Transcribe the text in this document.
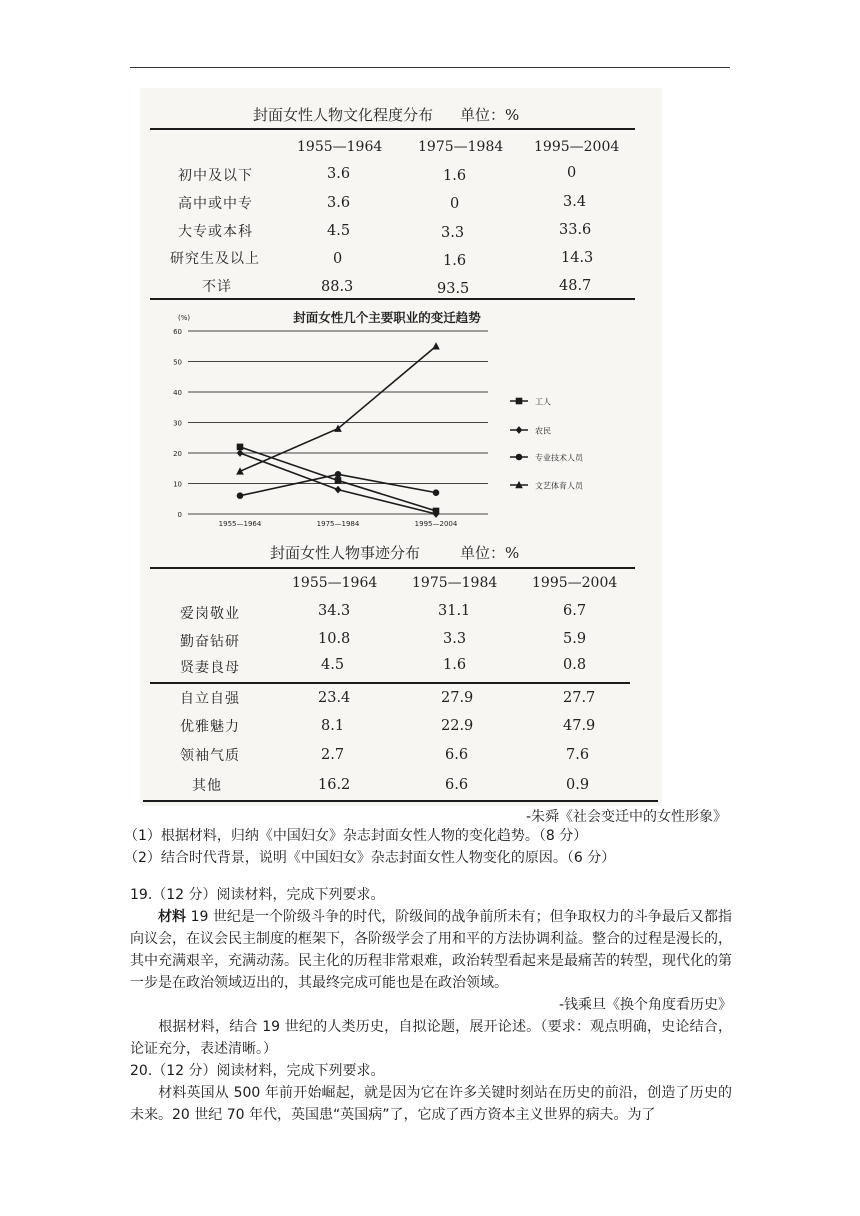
封面女性人物文化程度分布 单位：%
1955—1964	1975—1984 1995—2004
初中及以下	3.6	1.6	0
高中或中专	3.6	0	3.4
大专或本科	4.5	3.3	33.6
研究生及以上	0	1.6	14.3
不详	88.3	93.5	48.7
封面女性几个主要职业的变迁趋势
(%)
0
10
20
30
40
50
60
1955—1964	1975—1984	1995—2004
工人
农民
专业技术人员
文艺体育人员
封面女性人物事迹分布	单位：%
1955—1964 1975—1984 1995—2004
爱岗敬业	34.3	31.1	6.7
勤奋钻研	10.8	3.3	5.9
贤妻良母	4.5	1.6	0.8
自立自强	23.4	27.9	27.7
优雅魅力	8.1	22.9	47.9
领袖气质	2.7	6.6	7.6
其他	16.2	6.6	0.9
-朱舜《社会变迁中的女性形象》
（1）根据材料，归纳《中国妇女》杂志封面女性人物的变化趋势。（8 分）
（2）结合时代背景，说明《中国妇女》杂志封面女性人物变化的原因。（6 分）
19.（12 分）阅读材料，完成下列要求。
材料 19 世纪是一个阶级斗争的时代，阶级间的战争前所未有；但争取权力的斗争最后又都指向议会，在议会民主制度的框架下，各阶级学会了用和平的方法协调利益。整合的过程是漫长的，其中充满艰辛，充满动荡。民主化的历程非常艰难，政治转型看起来是最痛苦的转型，现代化的第一步是在政治领域迈出的，其最终完成可能也是在政治领域。
-钱乘旦《换个角度看历史》
根据材料，结合 19 世纪的人类历史，自拟论题，展开论述。（要求：观点明确，史论结合，论证充分，表述清晰。）
20.（12 分）阅读材料，完成下列要求。
材料英国从 500 年前开始崛起，就是因为它在许多关键时刻站在历史的前沿，创造了历史的未来。20 世纪 70 年代，英国患“英国病”了，它成了西方资本主义世界的病夫。为了
